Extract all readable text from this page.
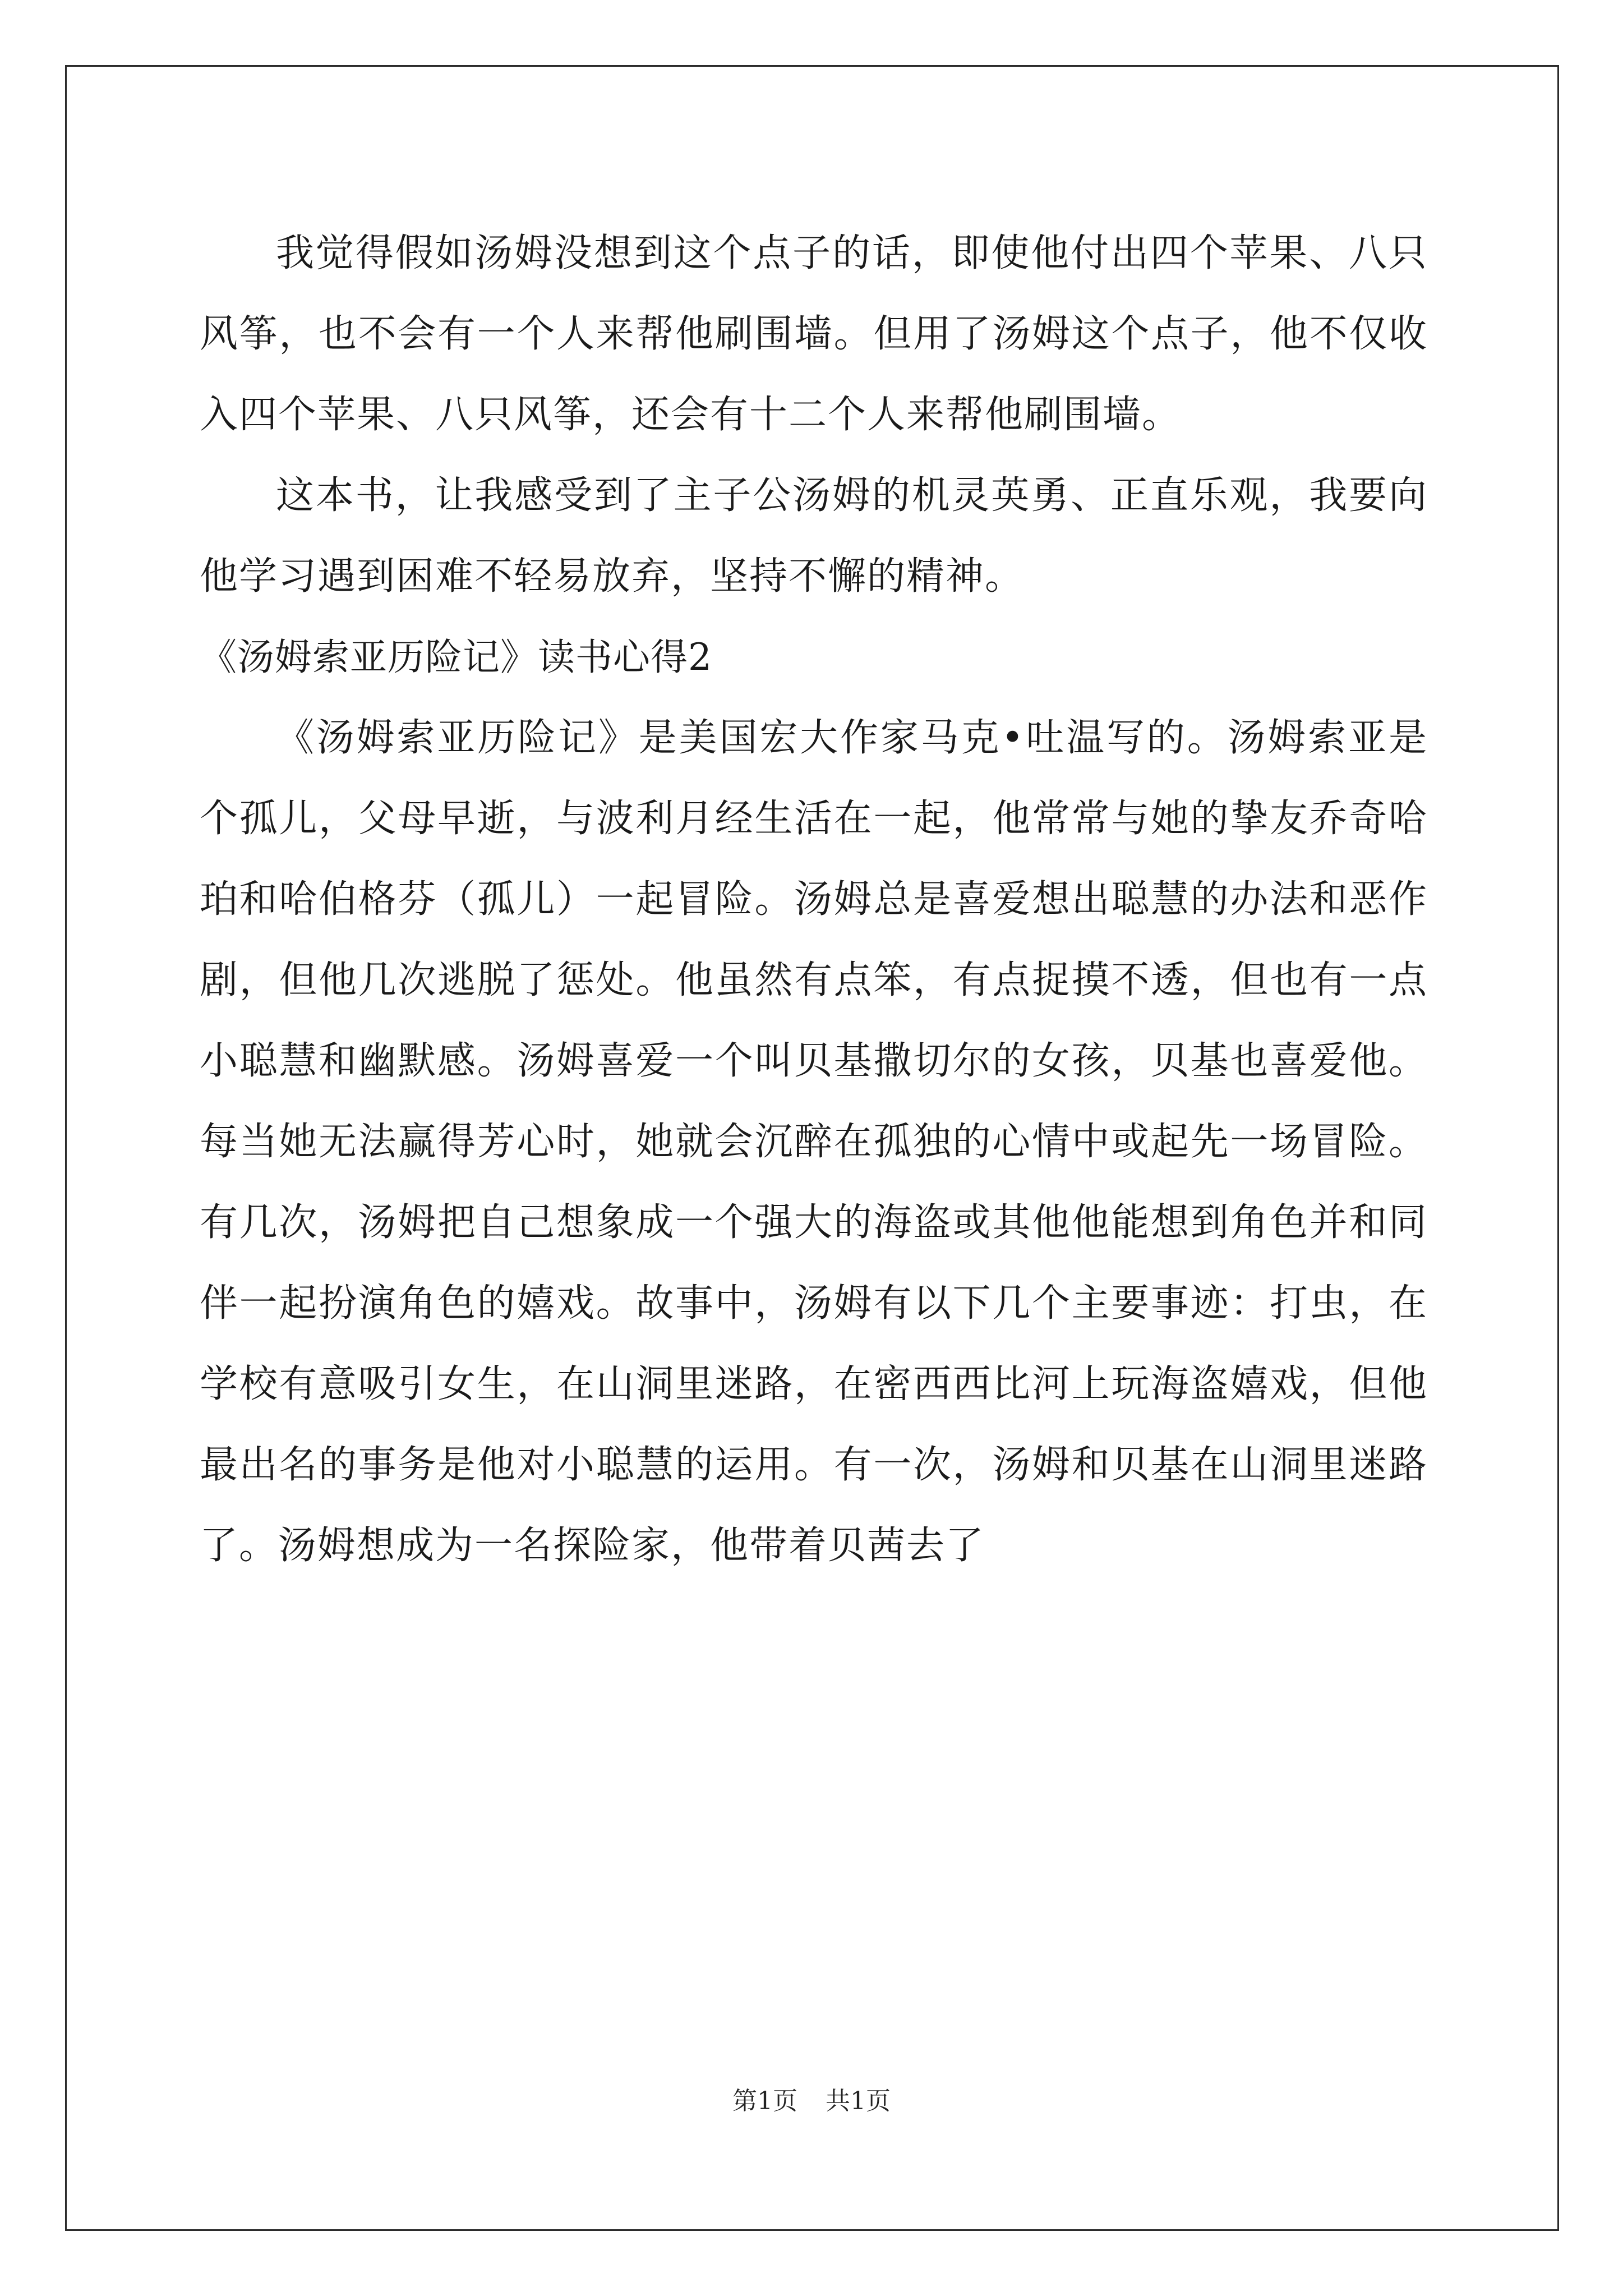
我觉得假如汤姆没想到这个点子的话，即使他付出四个苹果、八只风筝，也不会有一个人来帮他刷围墙。但用了汤姆这个点子，他不仅收入四个苹果、八只风筝，还会有十二个人来帮他刷围墙。

这本书，让我感受到了主子公汤姆的机灵英勇、正直乐观，我要向他学习遇到困难不轻易放弃，坚持不懈的精神。

《汤姆索亚历险记》读书心得2

《汤姆索亚历险记》是美国宏大作家马克•吐温写的。汤姆索亚是个孤儿，父母早逝，与波利月经生活在一起，他常常与她的挚友乔奇哈珀和哈伯格芬（孤儿）一起冒险。汤姆总是喜爱想出聪慧的办法和恶作剧，但他几次逃脱了惩处。他虽然有点笨，有点捉摸不透，但也有一点小聪慧和幽默感。汤姆喜爱一个叫贝基撒切尔的女孩，贝基也喜爱他。每当她无法赢得芳心时，她就会沉醉在孤独的心情中或起先一场冒险。有几次，汤姆把自己想象成一个强大的海盗或其他他能想到角色并和同伴一起扮演角色的嬉戏。故事中，汤姆有以下几个主要事迹：打虫，在学校有意吸引女生，在山洞里迷路，在密西西比河上玩海盗嬉戏，但他最出名的事务是他对小聪慧的运用。有一次，汤姆和贝基在山洞里迷路了。汤姆想成为一名探险家，他带着贝茜去了

第1页 共1页
